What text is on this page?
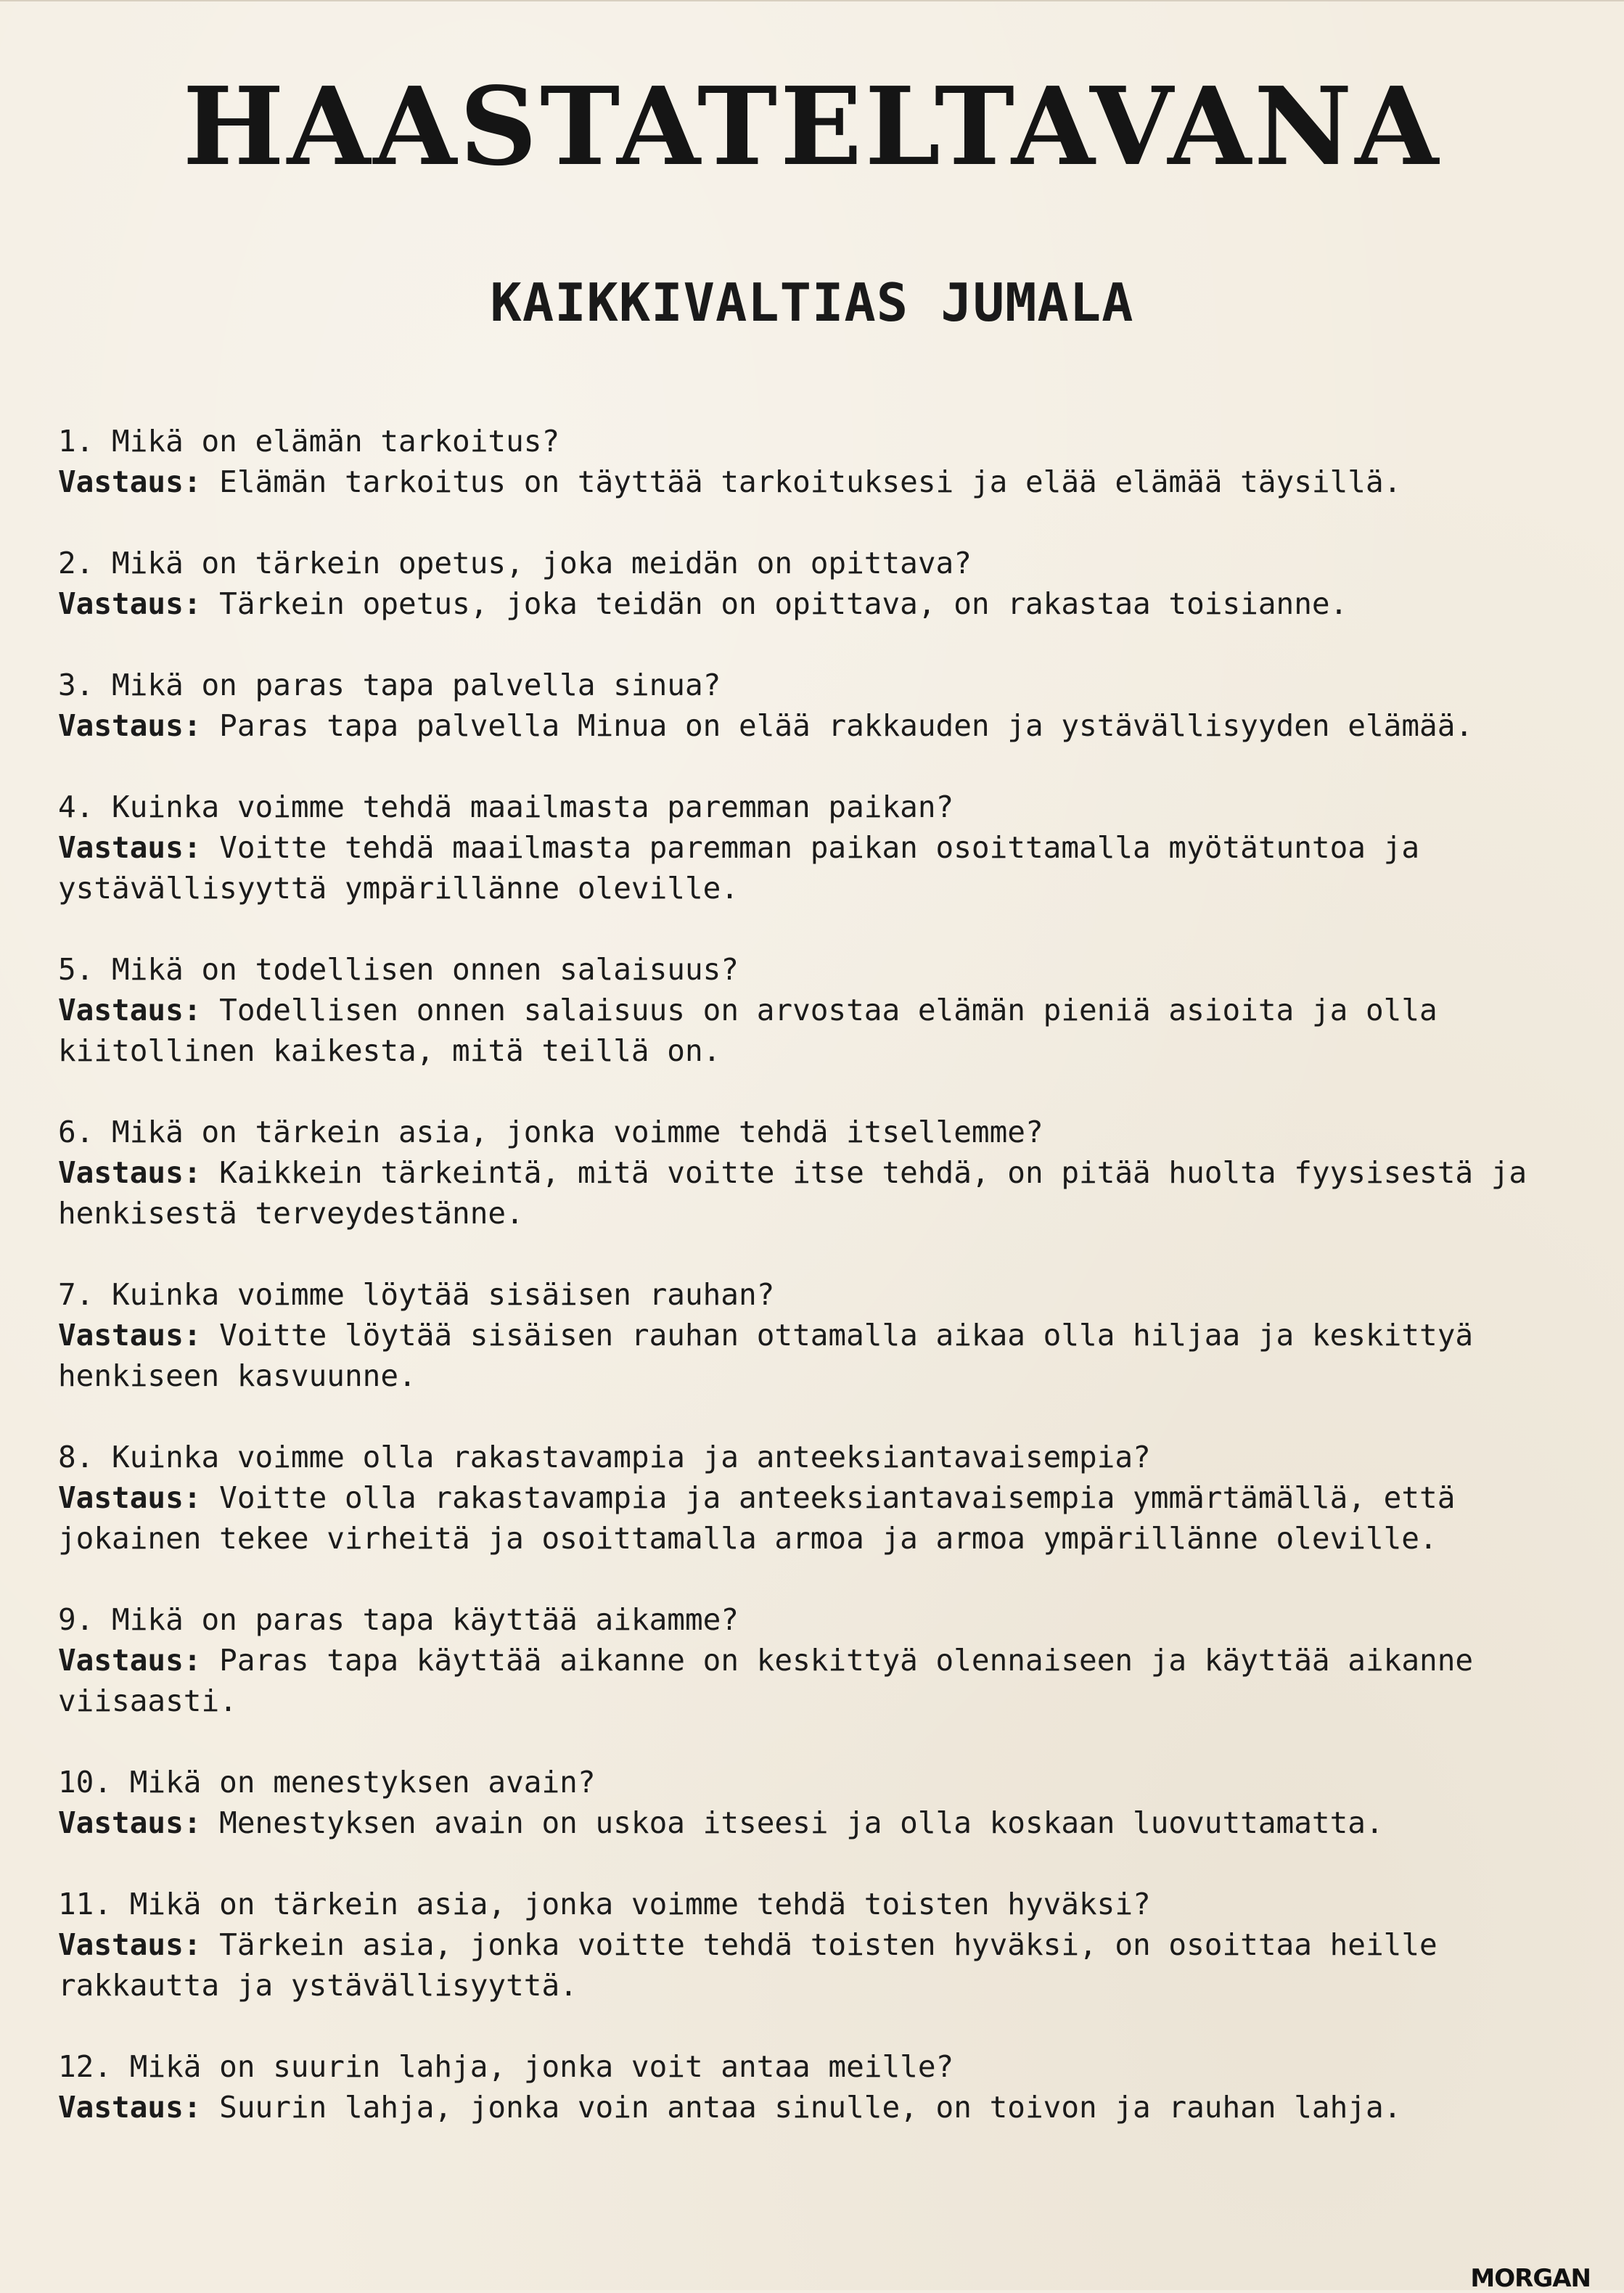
HAASTATELTAVANA
KAIKKIVALTIAS JUMALA
1. Mikä on elämän tarkoitus?
Vastaus: Elämän tarkoitus on täyttää tarkoituksesi ja elää elämää täysillä.
2. Mikä on tärkein opetus, joka meidän on opittava?
Vastaus: Tärkein opetus, joka teidän on opittava, on rakastaa toisianne.
3. Mikä on paras tapa palvella sinua?
Vastaus: Paras tapa palvella Minua on elää rakkauden ja ystävällisyyden elämää.
4. Kuinka voimme tehdä maailmasta paremman paikan?
Vastaus: Voitte tehdä maailmasta paremman paikan osoittamalla myötätuntoa ja ystävällisyyttä ympärillänne oleville.
5. Mikä on todellisen onnen salaisuus?
Vastaus: Todellisen onnen salaisuus on arvostaa elämän pieniä asioita ja olla kiitollinen kaikesta, mitä teillä on.
6. Mikä on tärkein asia, jonka voimme tehdä itsellemme?
Vastaus: Kaikkein tärkeintä, mitä voitte itse tehdä, on pitää huolta fyysisestä ja henkisestä terveydestänne.
7. Kuinka voimme löytää sisäisen rauhan?
Vastaus: Voitte löytää sisäisen rauhan ottamalla aikaa olla hiljaa ja keskittyä henkiseen kasvuunne.
8. Kuinka voimme olla rakastavampia ja anteeksiantavaisempia?
Vastaus: Voitte olla rakastavampia ja anteeksiantavaisempia ymmärtämällä, että jokainen tekee virheitä ja osoittamalla armoa ja armoa ympärillänne oleville.
9. Mikä on paras tapa käyttää aikamme?
Vastaus: Paras tapa käyttää aikanne on keskittyä olennaiseen ja käyttää aikanne viisaasti.
10. Mikä on menestyksen avain?
Vastaus: Menestyksen avain on uskoa itseesi ja olla koskaan luovuttamatta.
11. Mikä on tärkein asia, jonka voimme tehdä toisten hyväksi?
Vastaus: Tärkein asia, jonka voitte tehdä toisten hyväksi, on osoittaa heille rakkautta ja ystävällisyyttä.
12. Mikä on suurin lahja, jonka voit antaa meille?
Vastaus: Suurin lahja, jonka voin antaa sinulle, on toivon ja rauhan lahja.
MORGAN
